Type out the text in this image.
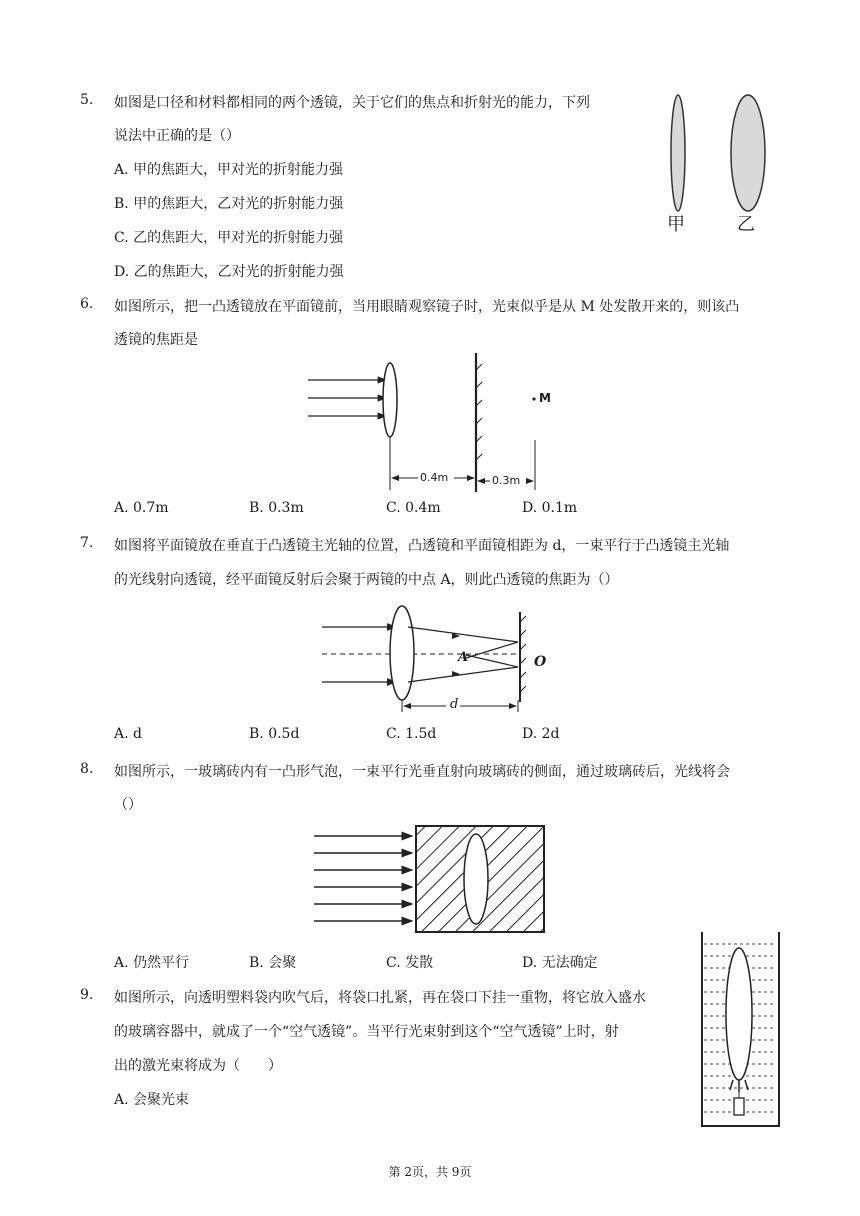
5. 如图是口径和材料都相同的两个透镜，关于它们的焦点和折射光的能力，下列
说法中正确的是（）
A. 甲的焦距大，甲对光的折射能力强
B. 甲的焦距大，乙对光的折射能力强
C. 乙的焦距大，甲对光的折射能力强
D. 乙的焦距大，乙对光的折射能力强
甲	乙
6. 如图所示，把一凸透镜放在平面镜前，当用眼睛观察镜子时，光束似乎是从 M 处发散开来的，则该凸
透镜的焦距是
M
0.4m	0.3m
A. 0.7m	B. 0.3m	C. 0.4m	D. 0.1m
7. 如图将平面镜放在垂直于凸透镜主光轴的位置，凸透镜和平面镜相距为 d，一束平行于凸透镜主光轴
的光线射向透镜，经平面镜反射后会聚于两镜的中点 A，则此凸透镜的焦距为（）
A	O
d
A. d	B. 0.5d	C. 1.5d	D. 2d
8. 如图所示，一玻璃砖内有一凸形气泡，一束平行光垂直射向玻璃砖的侧面，通过玻璃砖后，光线将会
（）
A. 仍然平行	B. 会聚	C. 发散	D. 无法确定
9. 如图所示，向透明塑料袋内吹气后，将袋口扎紧，再在袋口下挂一重物，将它放入盛水
的玻璃容器中，就成了一个“空气透镜”。当平行光束射到这个“空气透镜”上时，射
出的激光束将成为（　　）
A. 会聚光束
第 2页，共 9页
